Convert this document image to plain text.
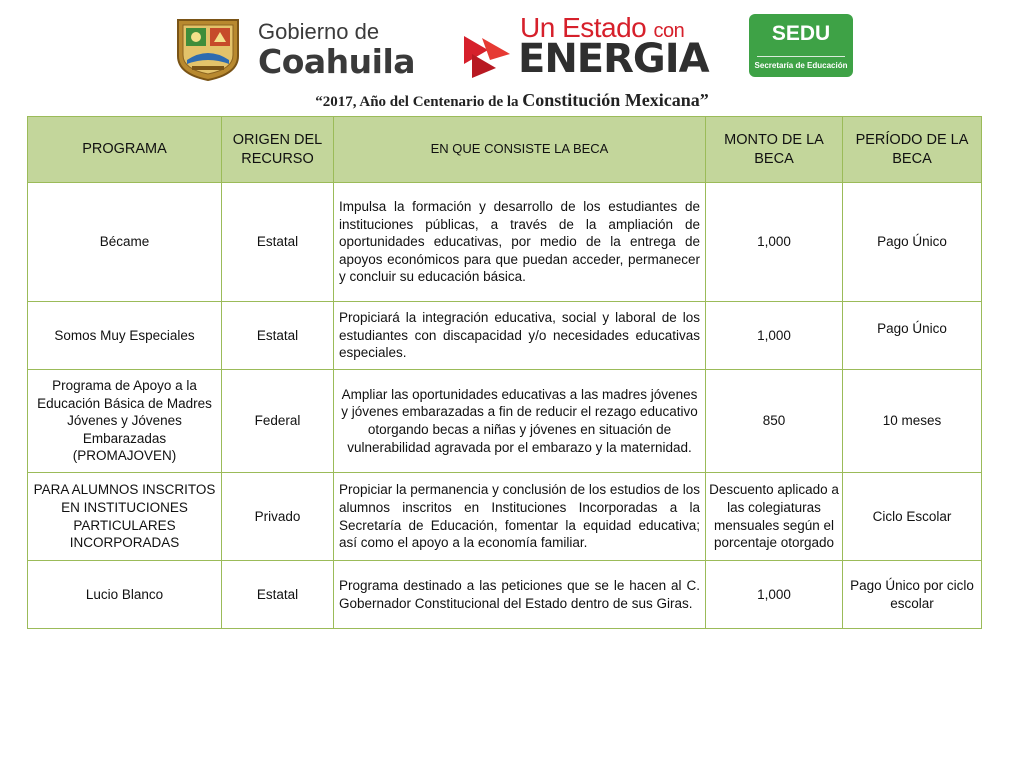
Gobierno de
Coahuila
Un Estado con
ENERGIA
SEDU
Secretaría de Educación
“2017, Año del Centenario de la Constitución Mexicana”
PROGRAMA	ORIGEN DEL RECURSO	EN QUE CONSISTE LA BECA	MONTO DE LA BECA	PERÍODO DE LA BECA
Bécame	Estatal	Impulsa la formación y desarrollo de los estudiantes de instituciones públicas, a través de la ampliación de oportunidades educativas, por medio de la entrega de apoyos económicos para que puedan acceder, permanecer y concluir su educación básica.	1,000	Pago Único
Somos Muy Especiales	Estatal	Propiciará la integración educativa, social y laboral de los estudiantes con discapacidad y/o necesidades educativas especiales.	1,000	Pago Único
Programa de Apoyo a la Educación Básica de Madres Jóvenes y Jóvenes Embarazadas (PROMAJOVEN)	Federal	Ampliar las oportunidades educativas a las madres jóvenes y jóvenes embarazadas a fin de reducir el rezago educativo otorgando becas a niñas y jóvenes en situación de vulnerabilidad agravada por el embarazo y la maternidad.	850	10 meses
PARA ALUMNOS INSCRITOS EN INSTITUCIONES PARTICULARES INCORPORADAS	Privado	Propiciar la permanencia y conclusión de los estudios de los alumnos inscritos en Instituciones Incorporadas a la Secretaría de Educación, fomentar la equidad educativa; así como el apoyo a la economía familiar.	Descuento aplicado a las colegiaturas mensuales según el porcentaje otorgado	Ciclo Escolar
Lucio Blanco	Estatal	Programa destinado a las peticiones que se le hacen al C. Gobernador Constitucional del Estado dentro de sus Giras.	1,000	Pago Único por ciclo escolar
